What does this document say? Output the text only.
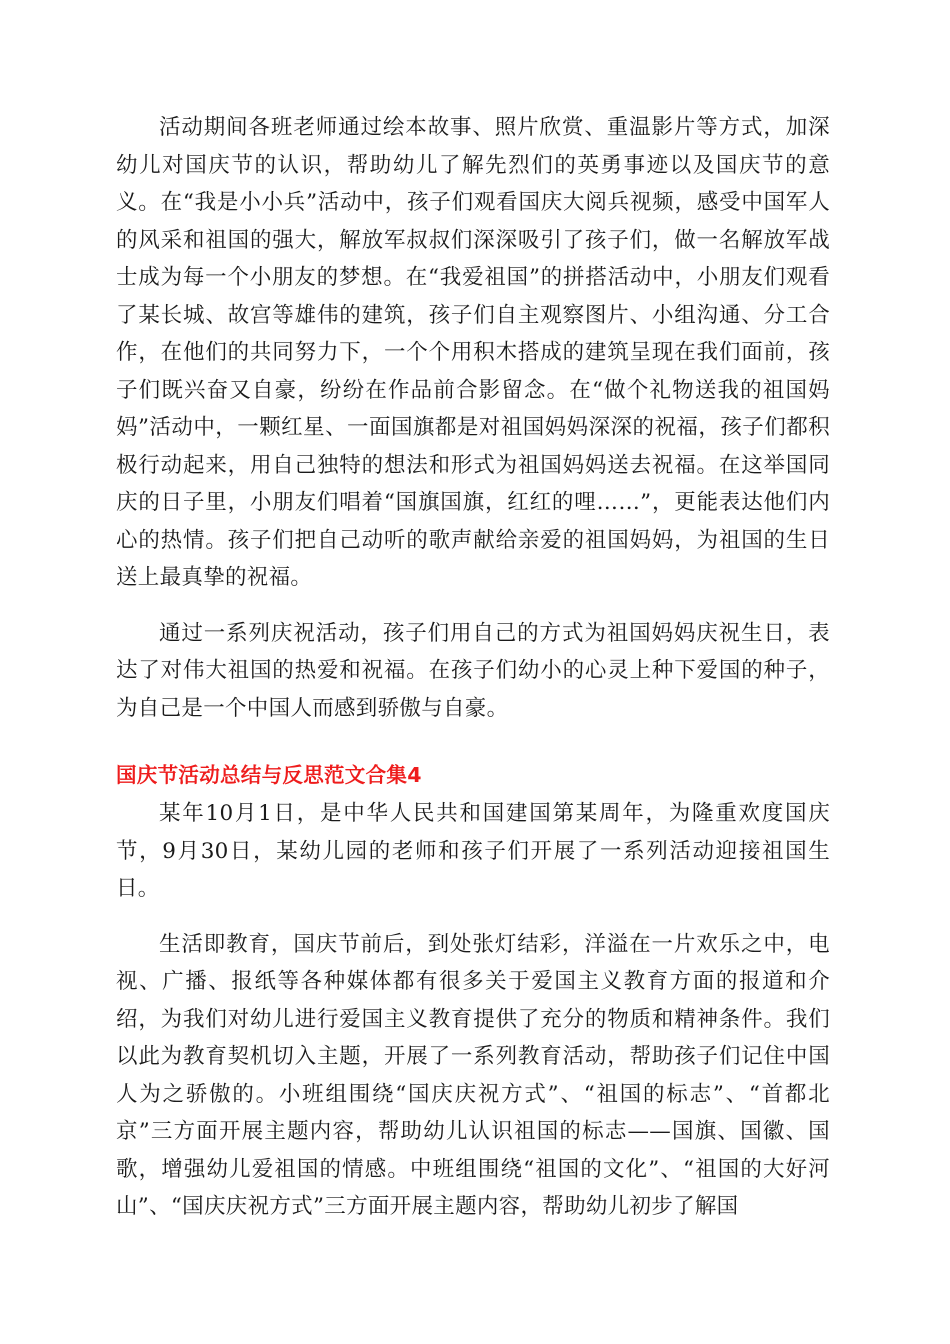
活动期间各班老师通过绘本故事、照片欣赏、重温影片等方式，加深幼儿对国庆节的认识，帮助幼儿了解先烈们的英勇事迹以及国庆节的意义。在“我是小小兵”活动中，孩子们观看国庆大阅兵视频，感受中国军人的风采和祖国的强大，解放军叔叔们深深吸引了孩子们，做一名解放军战士成为每一个小朋友的梦想。在“我爱祖国”的拼搭活动中，小朋友们观看了某长城、故宫等雄伟的建筑，孩子们自主观察图片、小组沟通、分工合作，在他们的共同努力下，一个个用积木搭成的建筑呈现在我们面前，孩子们既兴奋又自豪，纷纷在作品前合影留念。在“做个礼物送我的祖国妈妈”活动中，一颗红星、一面国旗都是对祖国妈妈深深的祝福，孩子们都积极行动起来，用自己独特的想法和形式为祖国妈妈送去祝福。在这举国同庆的日子里，小朋友们唱着“国旗国旗，红红的哩……”，更能表达他们内心的热情。孩子们把自己动听的歌声献给亲爱的祖国妈妈，为祖国的生日送上最真挚的祝福。

通过一系列庆祝活动，孩子们用自己的方式为祖国妈妈庆祝生日，表达了对伟大祖国的热爱和祝福。在孩子们幼小的心灵上种下爱国的种子，为自己是一个中国人而感到骄傲与自豪。

国庆节活动总结与反思范文合集4

某年10月1日，是中华人民共和国建国第某周年，为隆重欢度国庆节，9月30日，某幼儿园的老师和孩子们开展了一系列活动迎接祖国生日。

生活即教育，国庆节前后，到处张灯结彩，洋溢在一片欢乐之中，电视、广播、报纸等各种媒体都有很多关于爱国主义教育方面的报道和介绍，为我们对幼儿进行爱国主义教育提供了充分的物质和精神条件。我们以此为教育契机切入主题，开展了一系列教育活动，帮助孩子们记住中国人为之骄傲的。小班组围绕“国庆庆祝方式”、“祖国的标志”、“首都北京”三方面开展主题内容，帮助幼儿认识祖国的标志——国旗、国徽、国歌，增强幼儿爱祖国的情感。中班组围绕“祖国的文化”、“祖国的大好河山”、“国庆庆祝方式”三方面开展主题内容，帮助幼儿初步了解国
